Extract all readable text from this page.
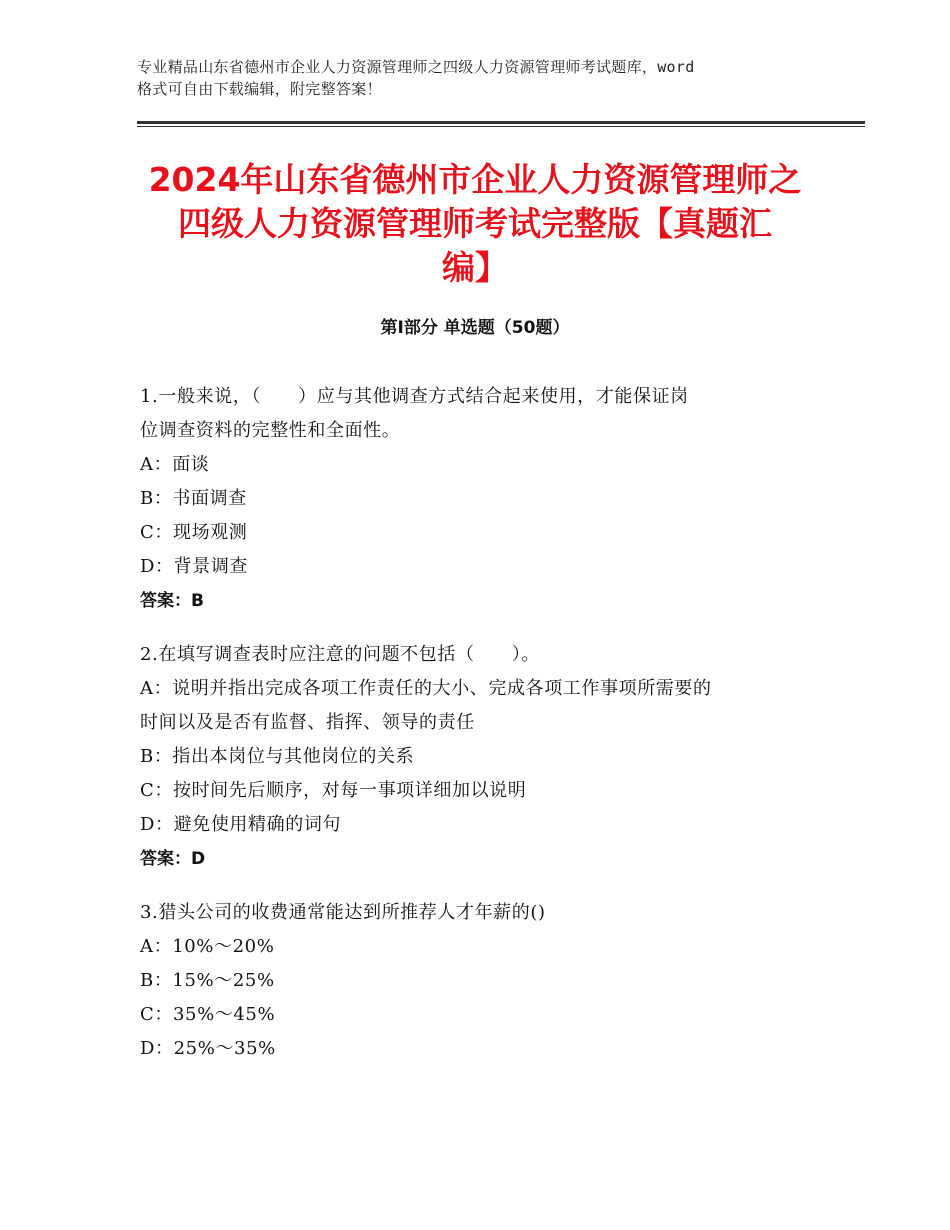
专业精品山东省德州市企业人力资源管理师之四级人力资源管理师考试题库，word
格式可自由下载编辑，附完整答案！
2024年山东省德州市企业人力资源管理师之
四级人力资源管理师考试完整版【真题汇
编】
第Ⅰ部分 单选题（50题）
1.一般来说，（　　）应与其他调查方式结合起来使用，才能保证岗
位调查资料的完整性和全面性。
A：面谈
B：书面调查
C：现场观测
D：背景调查
答案：B
2.在填写调查表时应注意的问题不包括（　　）。
A：说明并指出完成各项工作责任的大小、完成各项工作事项所需要的
时间以及是否有监督、指挥、领导的责任
B：指出本岗位与其他岗位的关系
C：按时间先后顺序，对每一事项详细加以说明
D：避免使用精确的词句
答案：D
3.猎头公司的收费通常能达到所推荐人才年薪的()
A：10%～20%
B：15%～25%
C：35%～45%
D：25%～35%
